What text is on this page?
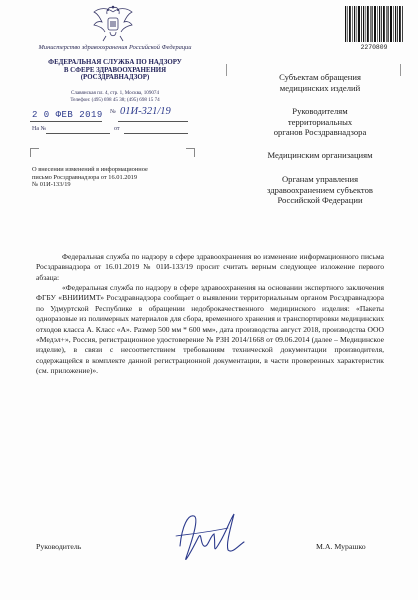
Министерство здравоохранения Российской Федерации
ФЕДЕРАЛЬНАЯ СЛУЖБА ПО НАДЗОРУ
В СФЕРЕ ЗДРАВООХРАНЕНИЯ
(РОСЗДРАВНАДЗОР)
Славянская пл. 4, стр. 1, Москва, 109074
Телефон: (495) 698 45 38; (495) 698 15 74
2 0 ФЕВ 2019 № 01И-321/19
На №	от
О внесении изменений в информационное
письмо Росздравнадзора от 16.01.2019
№ 01И-133/19
2270809
Субъектам обращения
медицинских изделий
Руководителям
территориальных
органов Росздравнадзора
Медицинским организациям
Органам управления
здравоохранением субъектов
Российской Федерации
Федеральная служба по надзору в сфере здравоохранения во изменение информационного письма Росздравнадзора от 16.01.2019 № 01И-133/19 просит считать верным следующее изложение первого абзаца:
«Федеральная служба по надзору в сфере здравоохранения на основании экспертного заключения ФГБУ «ВНИИИМТ» Росздравнадзора сообщает о выявлении территориальным органом Росздравнадзора по Удмуртской Республике в обращении недоброкачественного медицинского изделия: «Пакеты одноразовые из полимерных материалов для сбора, временного хранения и транспортировки медицинских отходов класса А. Класс «А». Размер 500 мм * 600 мм», дата производства август 2018, производства ООО «Медэл+», Россия, регистрационное удостоверение № РЗН 2014/1668 от 09.06.2014 (далее – Медицинское изделие), в связи с несоответствием требованиям технической документации производителя, содержащейся в комплекте данной регистрационной документации, в части проверенных характеристик (см. приложение)».
Руководитель	М.А. Мурашко
